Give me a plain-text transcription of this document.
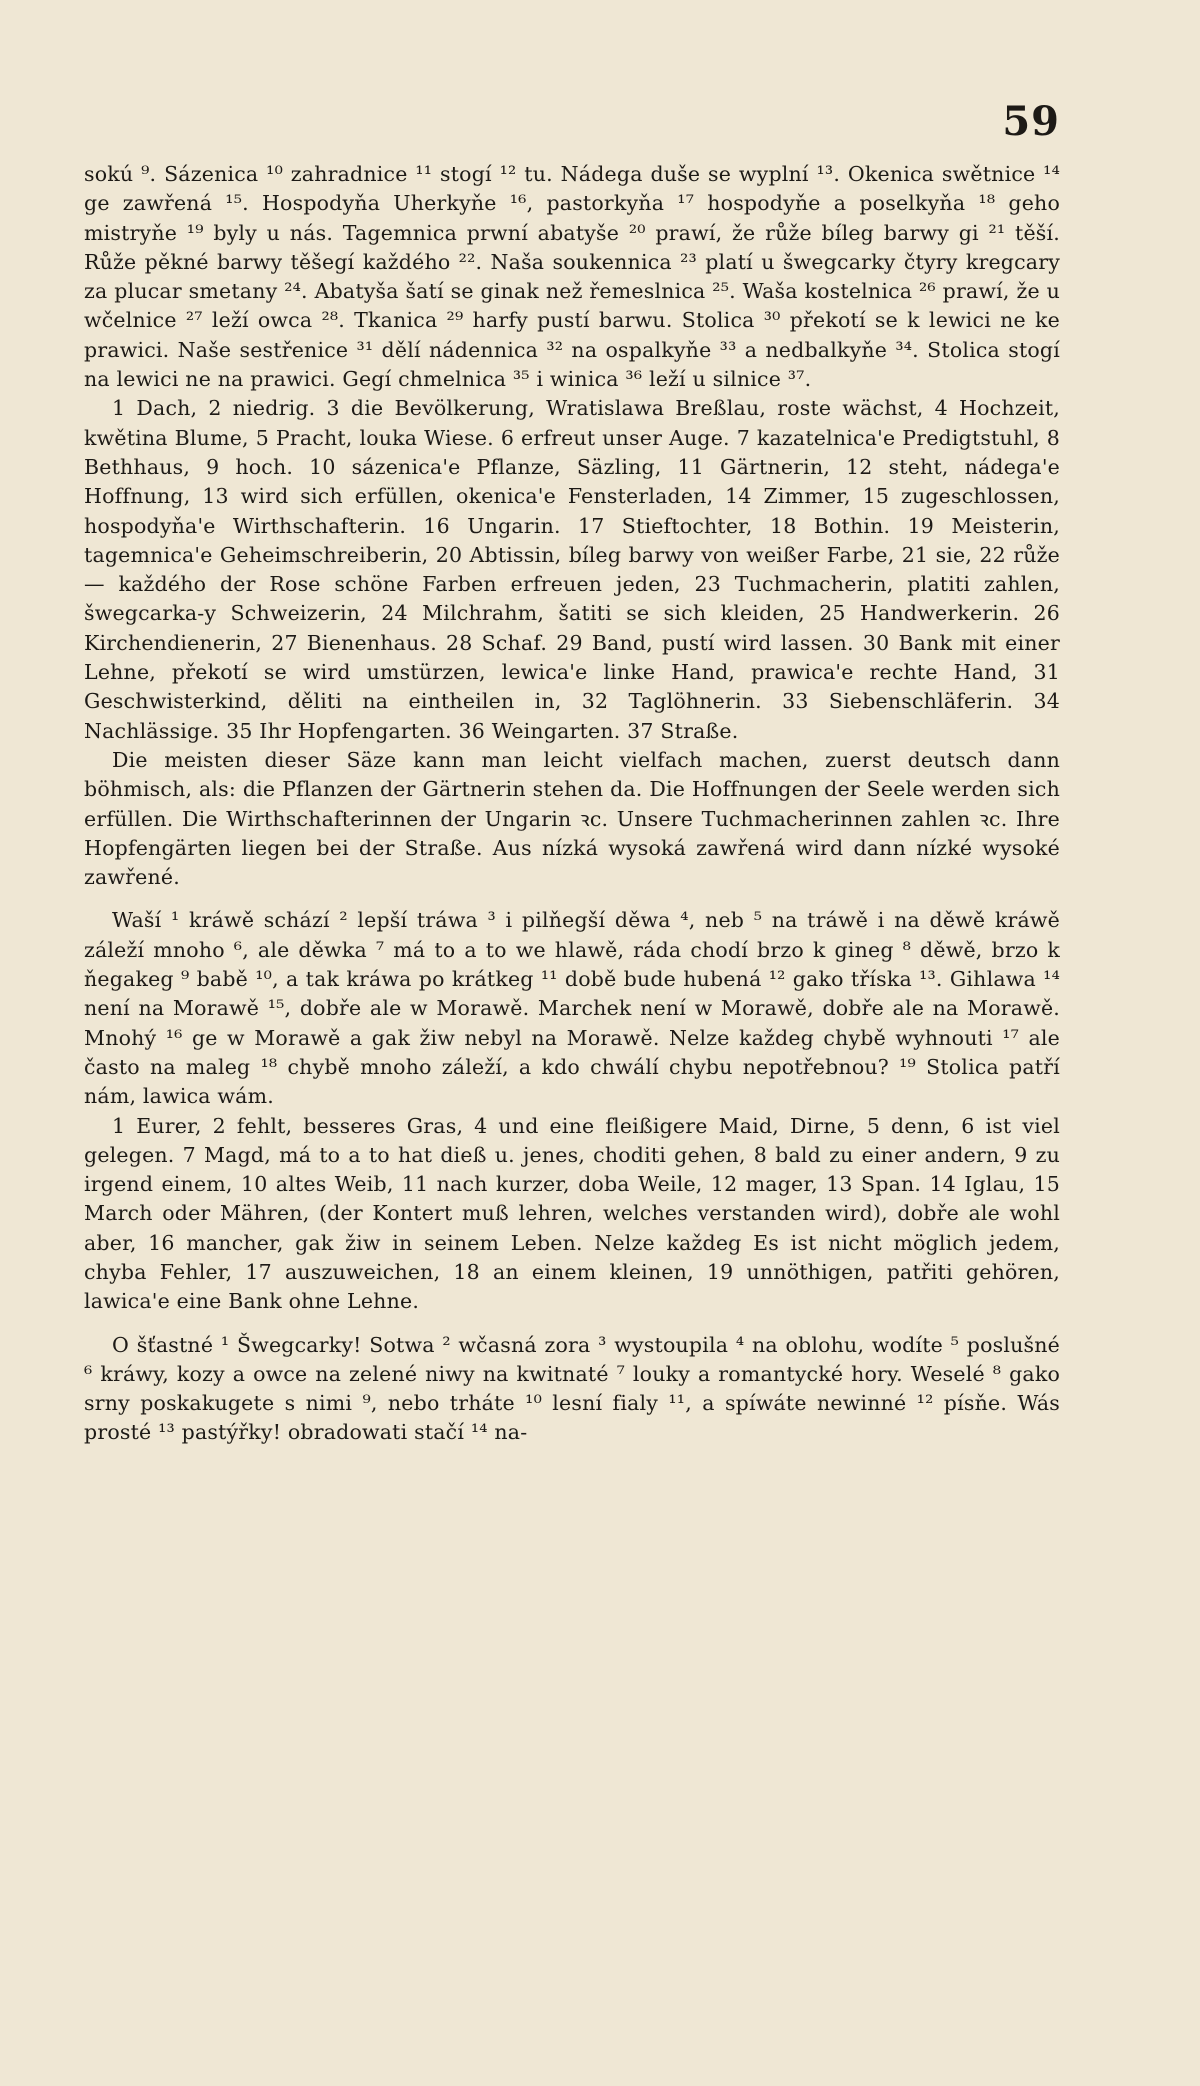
59

sokú ⁹. Sázenica ¹⁰ zahradnice ¹¹ stogí ¹² tu. Nádega duše se wyplní ¹³. Okenica swětnice ¹⁴ ge zawřená ¹⁵. Hospodyňa Uherkyňe ¹⁶, pastorkyňa ¹⁷ hospodyňe a poselkyňa ¹⁸ geho mistryňe ¹⁹ byly u nás. Tagemnica prwní abatyše ²⁰ prawí, že růže bíleg barwy gi ²¹ těší. Růže pěkné barwy těšegí každého ²². Naša soukennica ²³ platí u šwegcarky čtyry kregcary za plucar smetany ²⁴. Abatyša šatí se ginak než řemeslnica ²⁵. Waša kostelnica ²⁶ prawí, že u wčelnice ²⁷ leží owca ²⁸. Tkanica ²⁹ harfy pustí barwu. Stolica ³⁰ překotí se k lewici ne ke prawici. Naše sestřenice ³¹ dělí nádennica ³² na ospalkyňe ³³ a nedbalkyňe ³⁴. Stolica stogí na lewici ne na prawici. Gegí chmelnica ³⁵ i winica ³⁶ leží u silnice ³⁷.

1 Dach, 2 niedrig. 3 die Bevölkerung, Wratislawa Breßlau, roste wächst, 4 Hochzeit, kwětina Blume, 5 Pracht, louka Wiese. 6 erfreut unser Auge. 7 kazatelnica'e Predigtstuhl, 8 Bethhaus, 9 hoch. 10 sázenica'e Pflanze, Säzling, 11 Gärtnerin, 12 steht, nádega'e Hoffnung, 13 wird sich erfüllen, okenica'e Fensterladen, 14 Zimmer, 15 zugeschlossen, hospodyňa'e Wirthschafterin. 16 Ungarin. 17 Stieftochter, 18 Bothin. 19 Meisterin, tagemnica'e Geheimschreiberin, 20 Abtissin, bíleg barwy von weißer Farbe, 21 sie, 22 růže — každého der Rose schöne Farben erfreuen jeden, 23 Tuchmacherin, platiti zahlen, šwegcarka-y Schweizerin, 24 Milchrahm, šatiti se sich kleiden, 25 Handwerkerin. 26 Kirchendienerin, 27 Bienenhaus. 28 Schaf. 29 Band, pustí wird lassen. 30 Bank mit einer Lehne, překotí se wird umstürzen, lewica'e linke Hand, prawica'e rechte Hand, 31 Geschwisterkind, děliti na eintheilen in, 32 Taglöhnerin. 33 Siebenschläferin. 34 Nachlässige. 35 Ihr Hopfengarten. 36 Weingarten. 37 Straße.

Die meisten dieser Säze kann man leicht vielfach machen, zuerst deutsch dann böhmisch, als: die Pflanzen der Gärtnerin stehen da. Die Hoffnungen der Seele werden sich erfüllen. Die Wirthschafterinnen der Ungarin ꝛc. Unsere Tuchmacherinnen zahlen ꝛc. Ihre Hopfengärten liegen bei der Straße. Aus nízká wysoká zawřená wird dann nízké wysoké zawřené.

Waší ¹ kráwě schází ² lepší tráwa ³ i pilňegší děwa ⁴, neb ⁵ na tráwě i na děwě kráwě záleží mnoho ⁶, ale děwka ⁷ má to a to we hlawě, ráda chodí brzo k gineg ⁸ děwě, brzo k ňegakeg ⁹ babě ¹⁰, a tak kráwa po krátkeg ¹¹ době bude hubená ¹² gako tříska ¹³. Gihlawa ¹⁴ není na Morawě ¹⁵, dobře ale w Morawě. Marchek není w Morawě, dobře ale na Morawě. Mnohý ¹⁶ ge w Morawě a gak žiw nebyl na Morawě. Nelze každeg chybě wyhnouti ¹⁷ ale často na maleg ¹⁸ chybě mnoho záleží, a kdo chwálí chybu nepotřebnou? ¹⁹ Stolica patří nám, lawica wám.

1 Eurer, 2 fehlt, besseres Gras, 4 und eine fleißigere Maid, Dirne, 5 denn, 6 ist viel gelegen. 7 Magd, má to a to hat dieß u. jenes, choditi gehen, 8 bald zu einer andern, 9 zu irgend einem, 10 altes Weib, 11 nach kurzer, doba Weile, 12 mager, 13 Span. 14 Iglau, 15 March oder Mähren, (der Kontert muß lehren, welches verstanden wird), dobře ale wohl aber, 16 mancher, gak žiw in seinem Leben. Nelze každeg Es ist nicht möglich jedem, chyba Fehler, 17 auszuweichen, 18 an einem kleinen, 19 unnöthigen, patřiti gehören, lawica'e eine Bank ohne Lehne.

O šťastné ¹ Šwegcarky! Sotwa ² wčasná zora ³ wystoupila ⁴ na oblohu, wodíte ⁵ poslušné ⁶ kráwy, kozy a owce na zelené niwy na kwitnaté ⁷ louky a romantycké hory. Weselé ⁸ gako srny poskakugete s nimi ⁹, nebo trháte ¹⁰ lesní fialy ¹¹, a spíwáte newinné ¹² písňe. Wás prosté ¹³ pastýřky! obradowati stačí ¹⁴ na-
